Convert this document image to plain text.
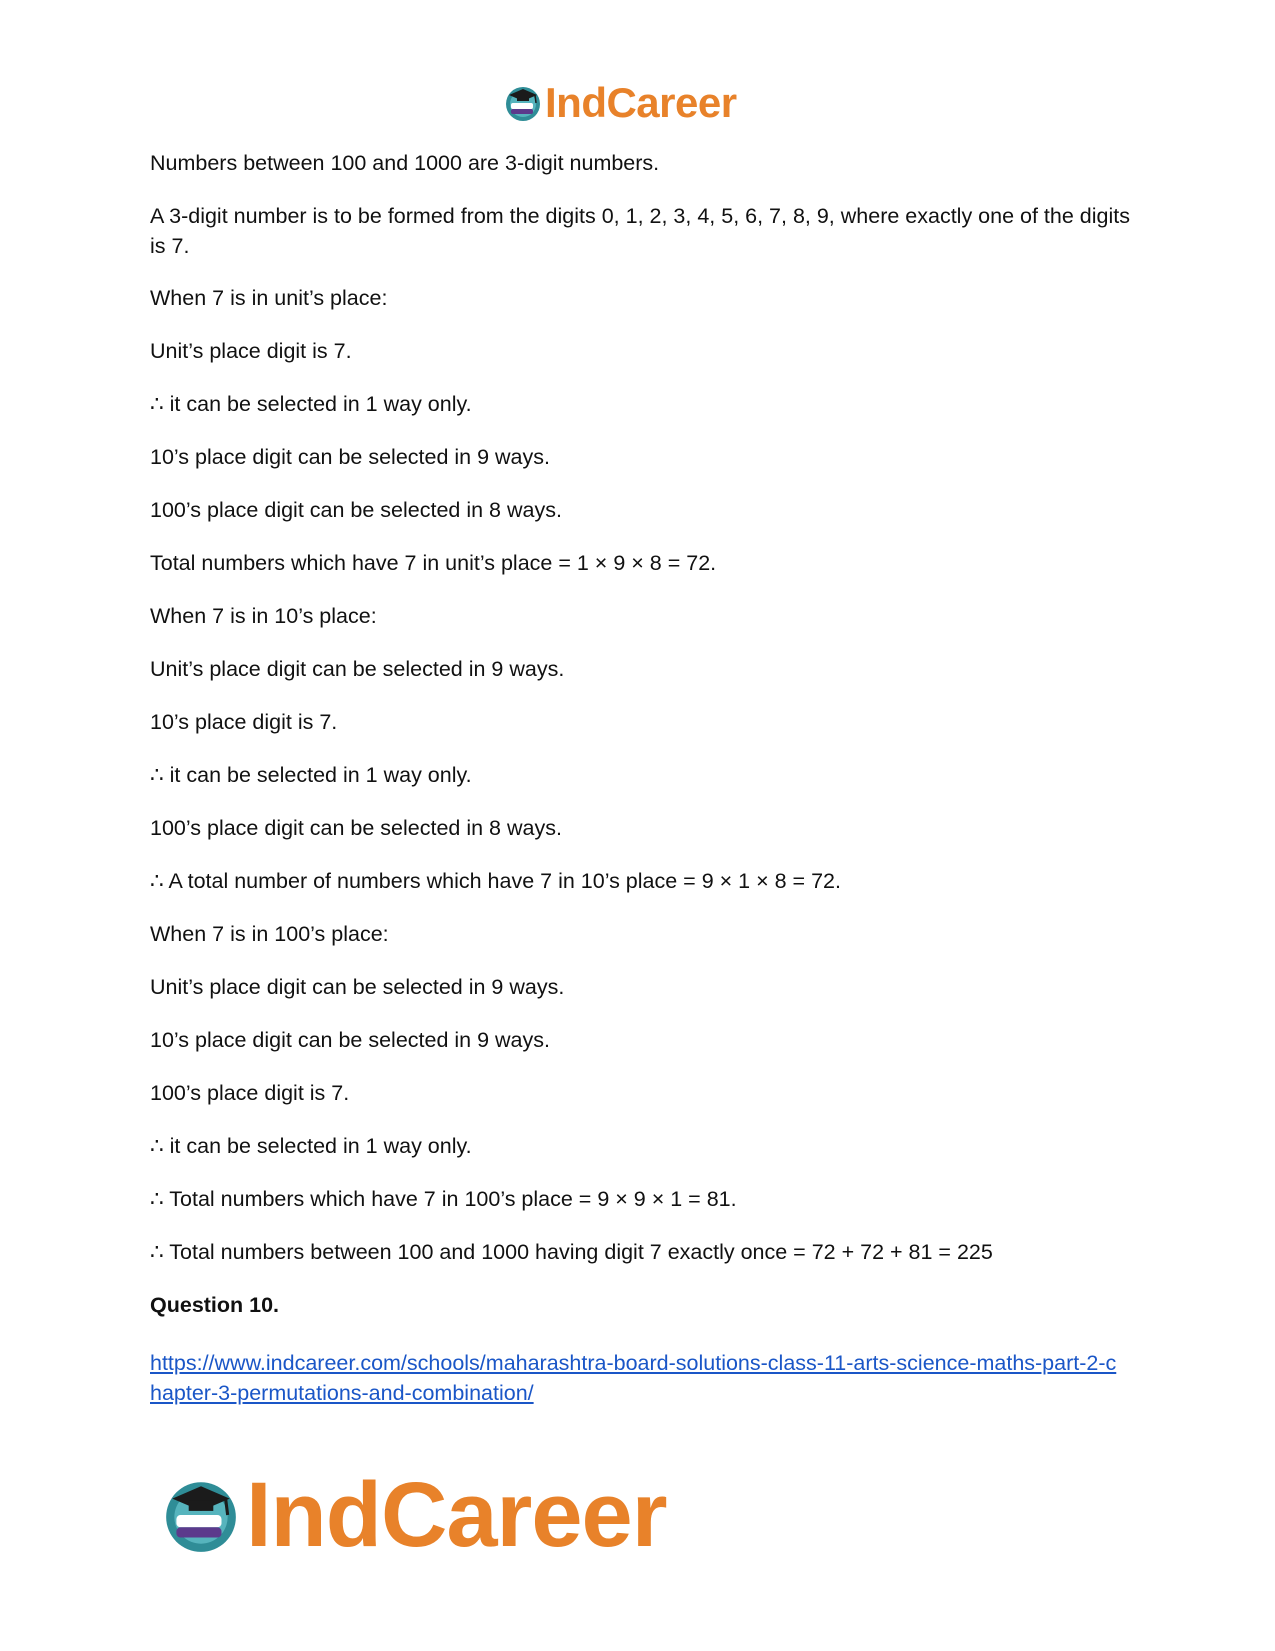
IndCareer

Numbers between 100 and 1000 are 3-digit numbers.

A 3-digit number is to be formed from the digits 0, 1, 2, 3, 4, 5, 6, 7, 8, 9, where exactly one of the digits is 7.

When 7 is in unit’s place:

Unit’s place digit is 7.

∴ it can be selected in 1 way only.

10’s place digit can be selected in 9 ways.

100’s place digit can be selected in 8 ways.

Total numbers which have 7 in unit’s place = 1 × 9 × 8 = 72.

When 7 is in 10’s place:

Unit’s place digit can be selected in 9 ways.

10’s place digit is 7.

∴ it can be selected in 1 way only.

100’s place digit can be selected in 8 ways.

∴ A total number of numbers which have 7 in 10’s place = 9 × 1 × 8 = 72.

When 7 is in 100’s place:

Unit’s place digit can be selected in 9 ways.

10’s place digit can be selected in 9 ways.

100’s place digit is 7.

∴ it can be selected in 1 way only.

∴ Total numbers which have 7 in 100’s place = 9 × 9 × 1 = 81.

∴ Total numbers between 100 and 1000 having digit 7 exactly once = 72 + 72 + 81 = 225

Question 10.

https://www.indcareer.com/schools/maharashtra-board-solutions-class-11-arts-science-maths-part-2-chapter-3-permutations-and-combination/
IndCareer
